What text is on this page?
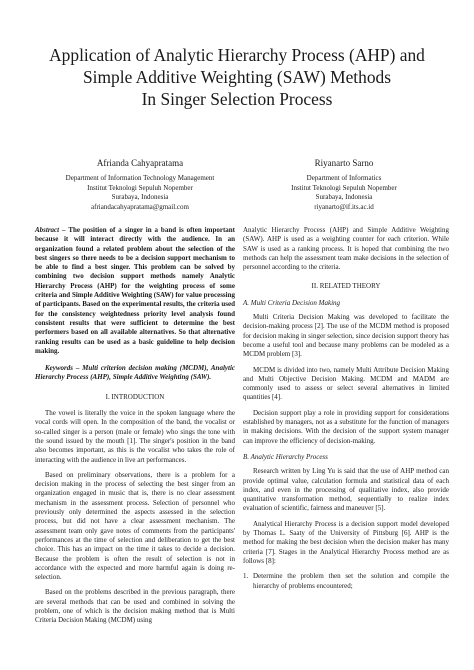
Application of Analytic Hierarchy Process (AHP) and
Simple Additive Weighting (SAW) Methods
In Singer Selection Process
Afrianda Cahyapratama
Department of Information Technology Management
Institut Teknologi Sepuluh Nopember
Surabaya, Indonesia
afriandacahyapratama@gmail.com
Riyanarto Sarno
Department of Informatics
Institut Teknologi Sepuluh Nopember
Surabaya, Indonesia
riyanarto@if.its.ac.id
Abstract – The position of a singer in a band is often important because it will interact directly with the audience. In an organization found a related problem about the selection of the best singers so there needs to be a decision support mechanism to be able to find a best singer. This problem can be solved by combining two decision support methods namely Analytic Hierarchy Process (AHP) for the weighting process of some criteria and Simple Additive Weighting (SAW) for value processing of participants. Based on the experimental results, the criteria used for the consistency weightedness priority level analysis found consistent results that were sufficient to determine the best performers based on all available alternatives. So that alternative ranking results can be used as a basic guideline to help decision making.
Keywords – Multi criterion decision making (MCDM), Analytic Hierarchy Process (AHP), Simple Additive Weighting (SAW).
I. INTRODUCTION

The vowel is literally the voice in the spoken language where the vocal cords will open. In the composition of the band, the vocalist or so-called singer is a person (male or female) who sings the tone with the sound issued by the mouth [1]. The singer's position in the band also becomes important, as this is the vocalist who takes the role of interacting with the audience in live art performances.

Based on preliminary observations, there is a problem for a decision making in the process of selecting the best singer from an organization engaged in music that is, there is no clear assessment mechanism in the assessment process. Selection of personnel who previously only determined the aspects assessed in the selection process, but did not have a clear assessment mechanism. The assessment team only gave notes of comments from the participants' performances at the time of selection and deliberation to get the best choice. This has an impact on the time it takes to decide a decision. Because the problem is often the result of selection is not in accordance with the expected and more harmful again is doing re-selection.

Based on the problems described in the previous paragraph, there are several methods that can be used and combined in solving the problem, one of which is the decision making method that is Multi Criteria Decision Making (MCDM) using

Analytic Hierarchy Process (AHP) and Simple Additive Weighting (SAW). AHP is used as a weighting counter for each criterion. While SAW is used as a ranking process. It is hoped that combining the two methods can help the assessment team make decisions in the selection of personnel according to the criteria.

II. RELATED THEORY
A. Multi Criteria Decision Making

Multi Criteria Decision Making was developed to facilitate the decision-making process [2]. The use of the MCDM method is proposed for decision making in singer selection, since decision support theory has become a useful tool and because many problems can be modeled as a MCDM problem [3].

MCDM is divided into two, namely Multi Attribute Decision Making and Multi Objective Decision Making. MCDM and MADM are commonly used to assess or select several alternatives in limited quantities [4].

Decision support play a role in providing support for considerations established by managers, not as a substitute for the function of managers in making decisions. With the decision of the support system manager can improve the efficiency of decision-making.

B. Analytic Hierarchy Process

Research written by Ling Yu is said that the use of AHP method can provide optimal value, calculation formula and statistical data of each index, and even in the processing of qualitative index, also provide quantitative transformation method, sequentially to realize index evaluation of scientific, fairness and maneuver [5].

Analytical Hierarchy Process is a decision support model developed by Thomas L. Saaty of the University of Pittsburg [6]. AHP is the method for making the best decision when the decision maker has many criteria [7]. Stages in the Analytical Hierarchy Process method are as follows [8]:

1. Determine the problem then set the solution and compile the hierarchy of problems encountered;
